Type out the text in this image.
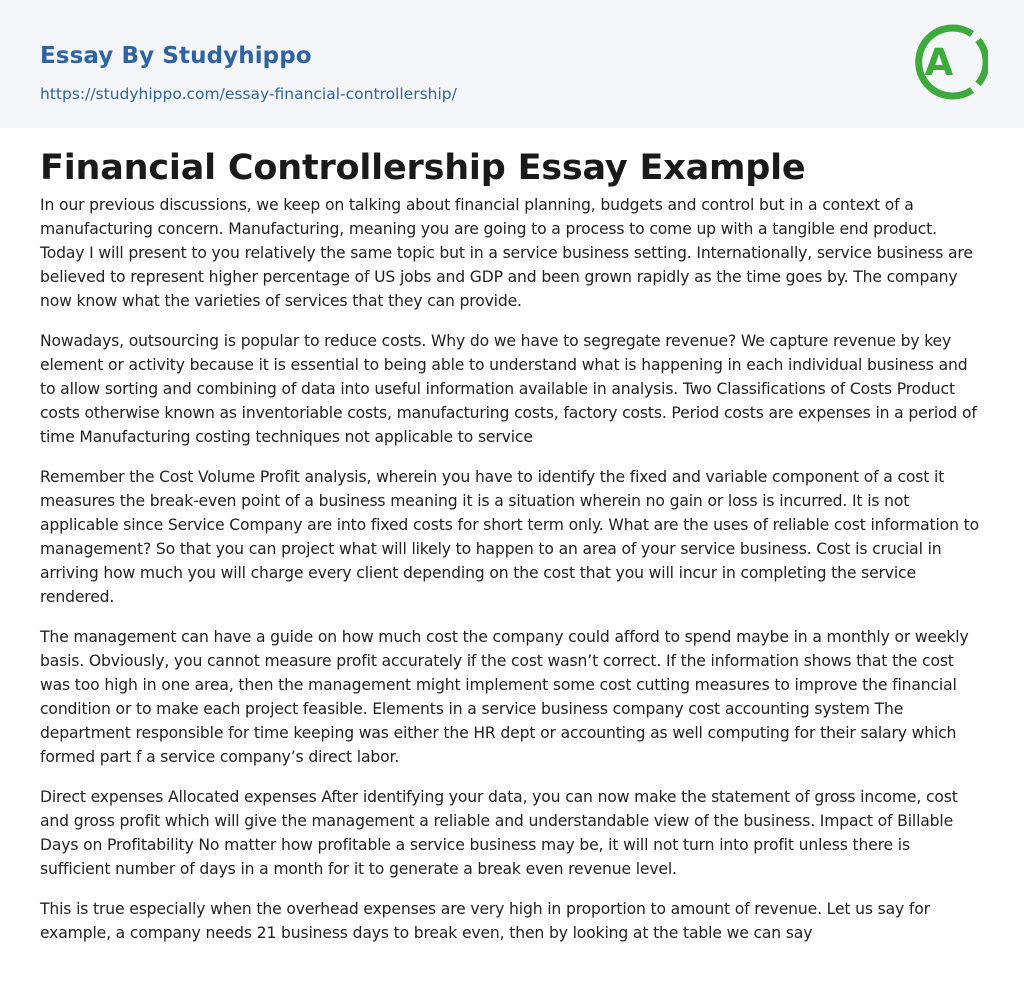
Essay By Studyhippo
https://studyhippo.com/essay-financial-controllership/
A
Financial Controllership Essay Example

In our previous discussions, we keep on talking about financial planning, budgets and control but in a context of a manufacturing concern. Manufacturing, meaning you are going to a process to come up with a tangible end product. Today I will present to you relatively the same topic but in a service business setting. Internationally, service business are believed to represent higher percentage of US jobs and GDP and been grown rapidly as the time goes by. The company now know what the varieties of services that they can provide.

Nowadays, outsourcing is popular to reduce costs. Why do we have to segregate revenue? We capture revenue by key element or activity because it is essential to being able to understand what is happening in each individual business and to allow sorting and combining of data into useful information available in analysis. Two Classifications of Costs Product costs otherwise known as inventoriable costs, manufacturing costs, factory costs. Period costs are expenses in a period of time Manufacturing costing techniques not applicable to service

Remember the Cost Volume Profit analysis, wherein you have to identify the fixed and variable component of a cost it measures the break-even point of a business meaning it is a situation wherein no gain or loss is incurred. It is not applicable since Service Company are into fixed costs for short term only. What are the uses of reliable cost information to management? So that you can project what will likely to happen to an area of your service business. Cost is crucial in arriving how much you will charge every client depending on the cost that you will incur in completing the service rendered.

The management can have a guide on how much cost the company could afford to spend maybe in a monthly or weekly basis. Obviously, you cannot measure profit accurately if the cost wasn’t correct. If the information shows that the cost was too high in one area, then the management might implement some cost cutting measures to improve the financial condition or to make each project feasible. Elements in a service business company cost accounting system The department responsible for time keeping was either the HR dept or accounting as well computing for their salary which formed part f a service company’s direct labor.

Direct expenses Allocated expenses After identifying your data, you can now make the statement of gross income, cost and gross profit which will give the management a reliable and understandable view of the business. Impact of Billable Days on Profitability No matter how profitable a service business may be, it will not turn into profit unless there is sufficient number of days in a month for it to generate a break even revenue level.

This is true especially when the overhead expenses are very high in proportion to amount of revenue. Let us say for example, a company needs 21 business days to break even, then by looking at the table we can say
